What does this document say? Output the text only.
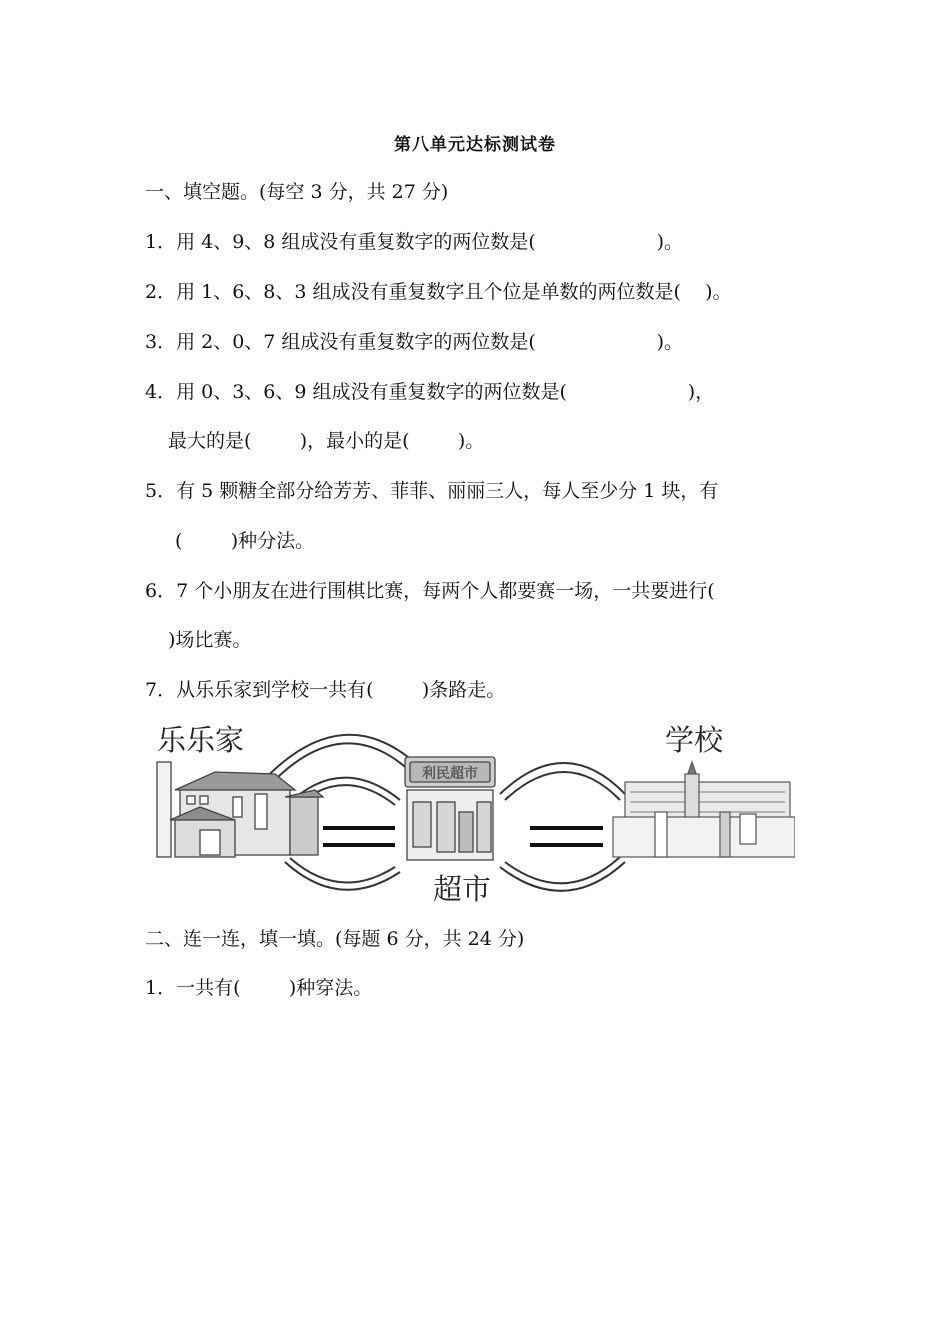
第八单元达标测试卷
一、填空题。(每空 3 分，共 27 分)
1．用 4、9、8 组成没有重复数字的两位数是(                    )。
2．用 1、6、8、3 组成没有重复数字且个位是单数的两位数是(    )。
3．用 2、0、7 组成没有重复数字的两位数是(                    )。
4．用 0、3、6、9 组成没有重复数字的两位数是(                    )，
最大的是(        )，最小的是(        )。
5．有 5 颗糖全部分给芳芳、菲菲、丽丽三人，每人至少分 1 块，有
(        )种分法。
6．7 个小朋友在进行围棋比赛，每两个人都要赛一场，一共要进行(
)场比赛。
7．从乐乐家到学校一共有(        )条路走。
利民超市
乐乐家	学校
超市
二、连一连，填一填。(每题 6 分，共 24 分)
1．一共有(        )种穿法。
